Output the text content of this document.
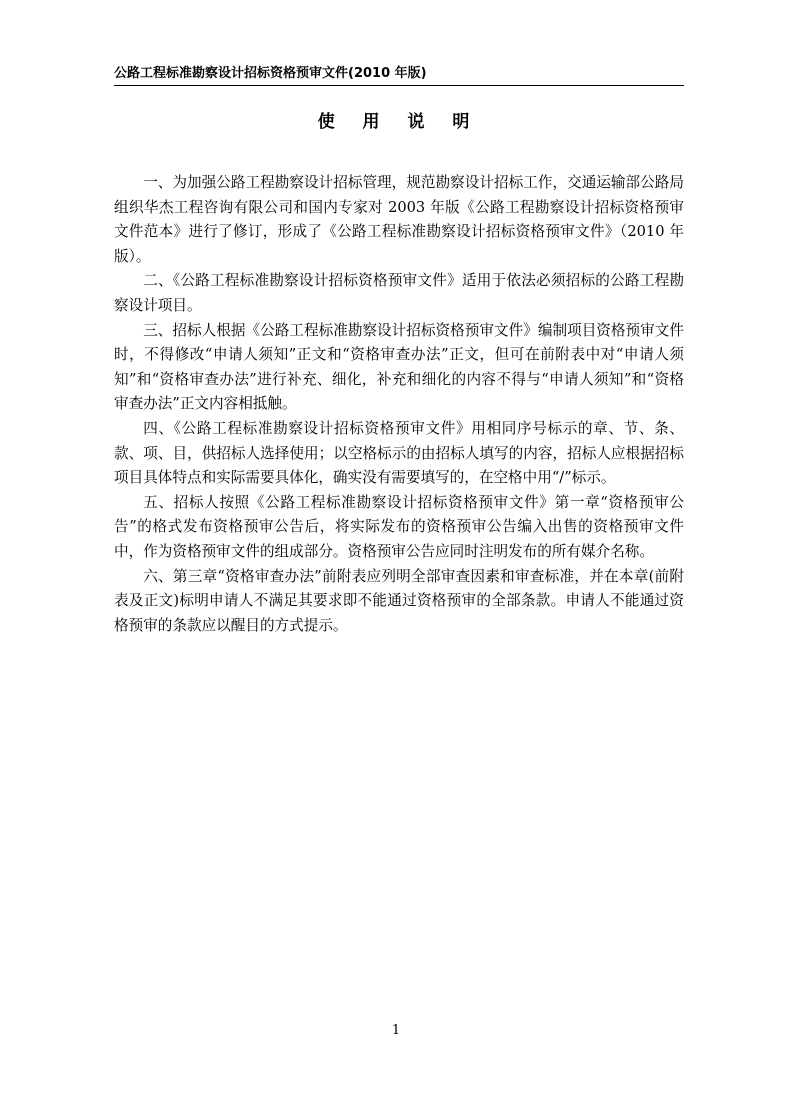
公路工程标准勘察设计招标资格预审文件(2010 年版)
使 用 说 明

一、为加强公路工程勘察设计招标管理，规范勘察设计招标工作，交通运输部公路局组织华杰工程咨询有限公司和国内专家对 2003 年版《公路工程勘察设计招标资格预审文件范本》进行了修订，形成了《公路工程标准勘察设计招标资格预审文件》（2010 年版）。

二、《公路工程标准勘察设计招标资格预审文件》适用于依法必须招标的公路工程勘察设计项目。

三、招标人根据《公路工程标准勘察设计招标资格预审文件》编制项目资格预审文件时，不得修改“申请人须知”正文和“资格审查办法”正文，但可在前附表中对“申请人须知”和“资格审查办法”进行补充、细化，补充和细化的内容不得与“申请人须知”和“资格审查办法”正文内容相抵触。

四、《公路工程标准勘察设计招标资格预审文件》用相同序号标示的章、节、条、款、项、目，供招标人选择使用；以空格标示的由招标人填写的内容，招标人应根据招标项目具体特点和实际需要具体化，确实没有需要填写的，在空格中用“/”标示。

五、招标人按照《公路工程标准勘察设计招标资格预审文件》第一章“资格预审公告”的格式发布资格预审公告后，将实际发布的资格预审公告编入出售的资格预审文件中，作为资格预审文件的组成部分。资格预审公告应同时注明发布的所有媒介名称。

六、第三章“资格审查办法”前附表应列明全部审查因素和审查标准，并在本章(前附表及正文)标明申请人不满足其要求即不能通过资格预审的全部条款。申请人不能通过资格预审的条款应以醒目的方式提示。

1
